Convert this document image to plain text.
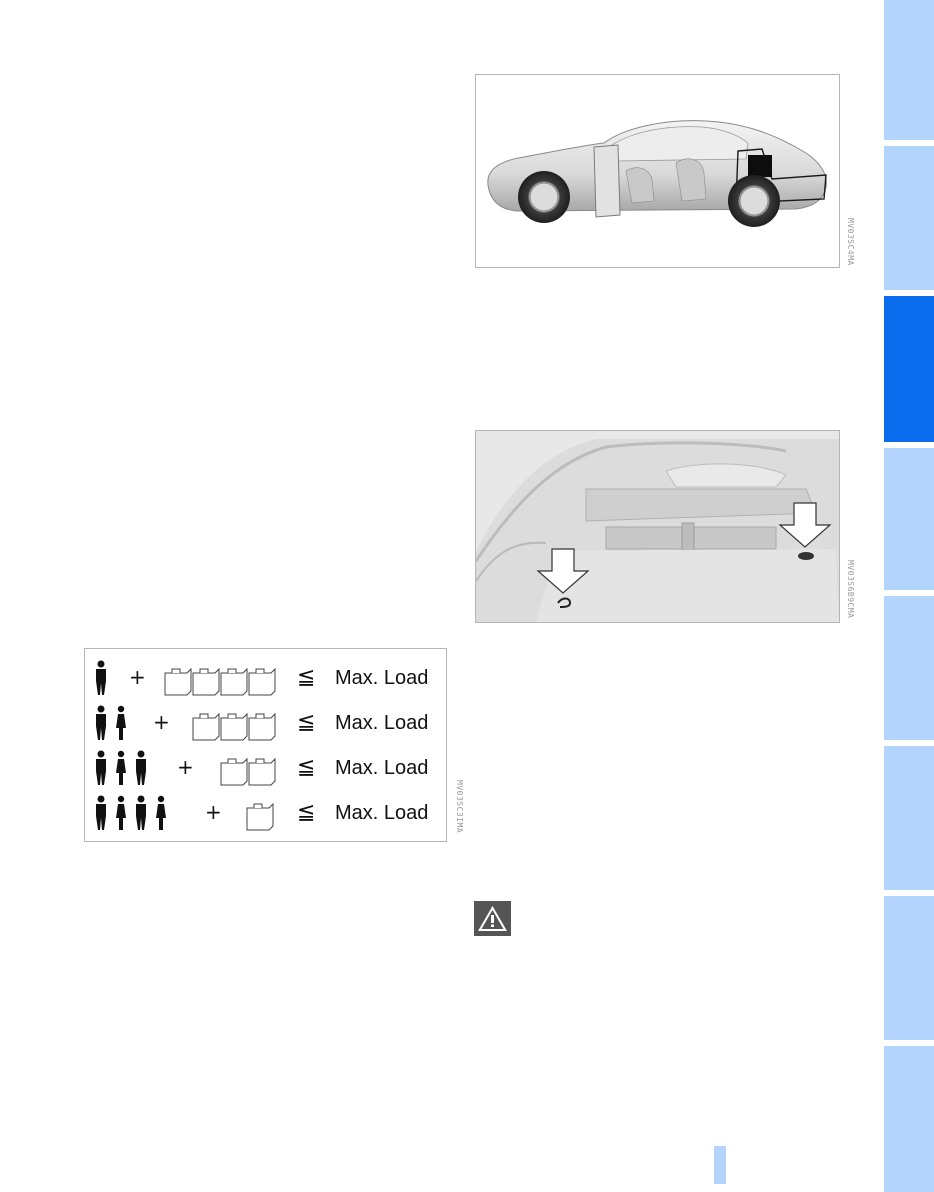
MV03SC4MA
MV03S6B9CMA
+	≦ Max. Load
+	≦ Max. Load
+	≦ Max. Load
+	≦ Max. Load	MV03SC3IMA
